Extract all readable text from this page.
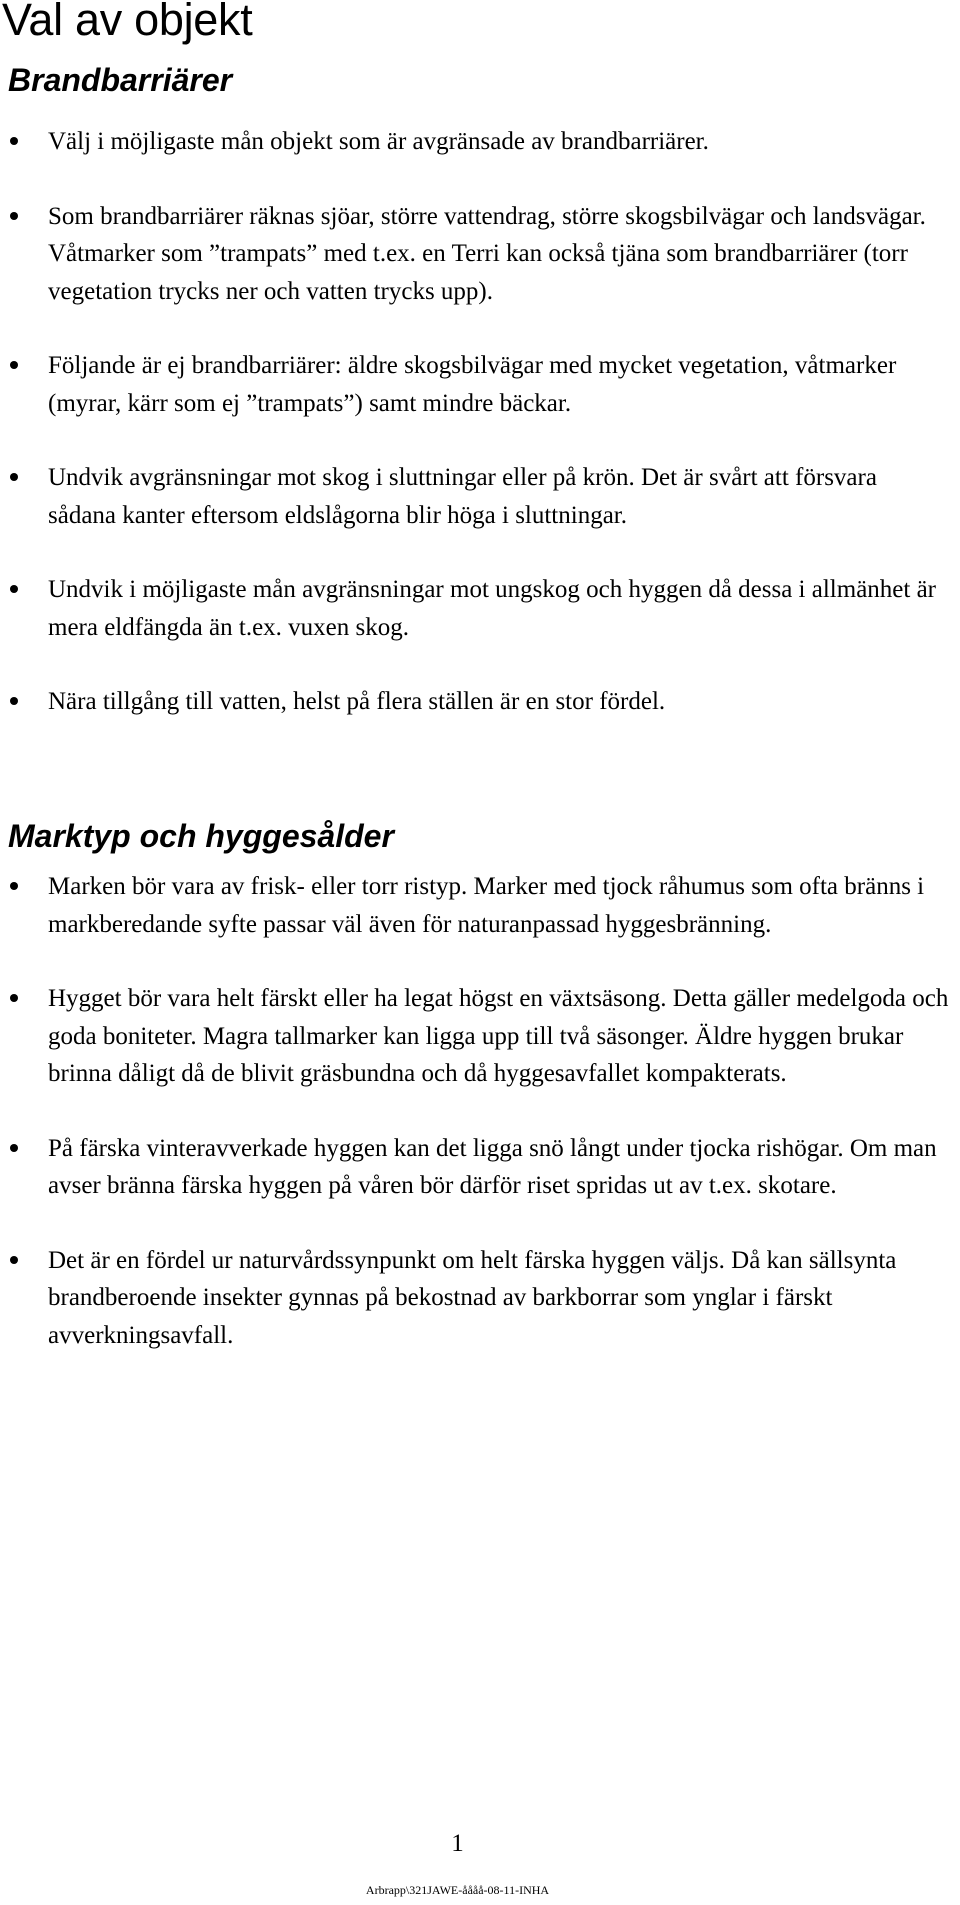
Val av objekt
Brandbarriärer
Välj i möjligaste mån objekt som är avgränsade av brandbarriärer.
Som brandbarriärer räknas sjöar, större vattendrag, större skogsbilvägar och landsvägar. Våtmarker som ”trampats” med t.ex. en Terri kan också tjäna som brandbarriärer (torr vegetation trycks ner och vatten trycks upp).
Följande är ej brandbarriärer: äldre skogsbilvägar med mycket vegetation, våtmarker (myrar, kärr som ej ”trampats”) samt mindre bäckar.
Undvik avgränsningar mot skog i sluttningar eller på krön. Det är svårt att försvara sådana kanter eftersom eldslågorna blir höga i sluttningar.
Undvik i möjligaste mån avgränsningar mot ungskog och hyggen då dessa i allmänhet är mera eldfängda än t.ex. vuxen skog.
Nära tillgång till vatten, helst på flera ställen är en stor fördel.
Marktyp och hyggesålder
Marken bör vara av frisk- eller torr ristyp. Marker med tjock råhumus som ofta bränns i markberedande syfte passar väl även för naturanpassad hyggesbränning.
Hygget bör vara helt färskt eller ha legat högst en växtsäsong. Detta gäller medelgoda och goda boniteter. Magra tallmarker kan ligga upp till två säsonger. Äldre hyggen brukar brinna dåligt då de blivit gräsbundna och då hyggesavfallet kompakterats.
På färska vinteravverkade hyggen kan det ligga snö långt under tjocka rishögar. Om man avser bränna färska hyggen på våren bör därför riset spridas ut av t.ex. skotare.
Det är en fördel ur naturvårdssynpunkt om helt färska hyggen väljs. Då kan sällsynta brandberoende insekter gynnas på bekostnad av barkborrar som ynglar i färskt avverkningsavfall.
1
Arbrapp\321JAWE-åååå-08-11-INHA
